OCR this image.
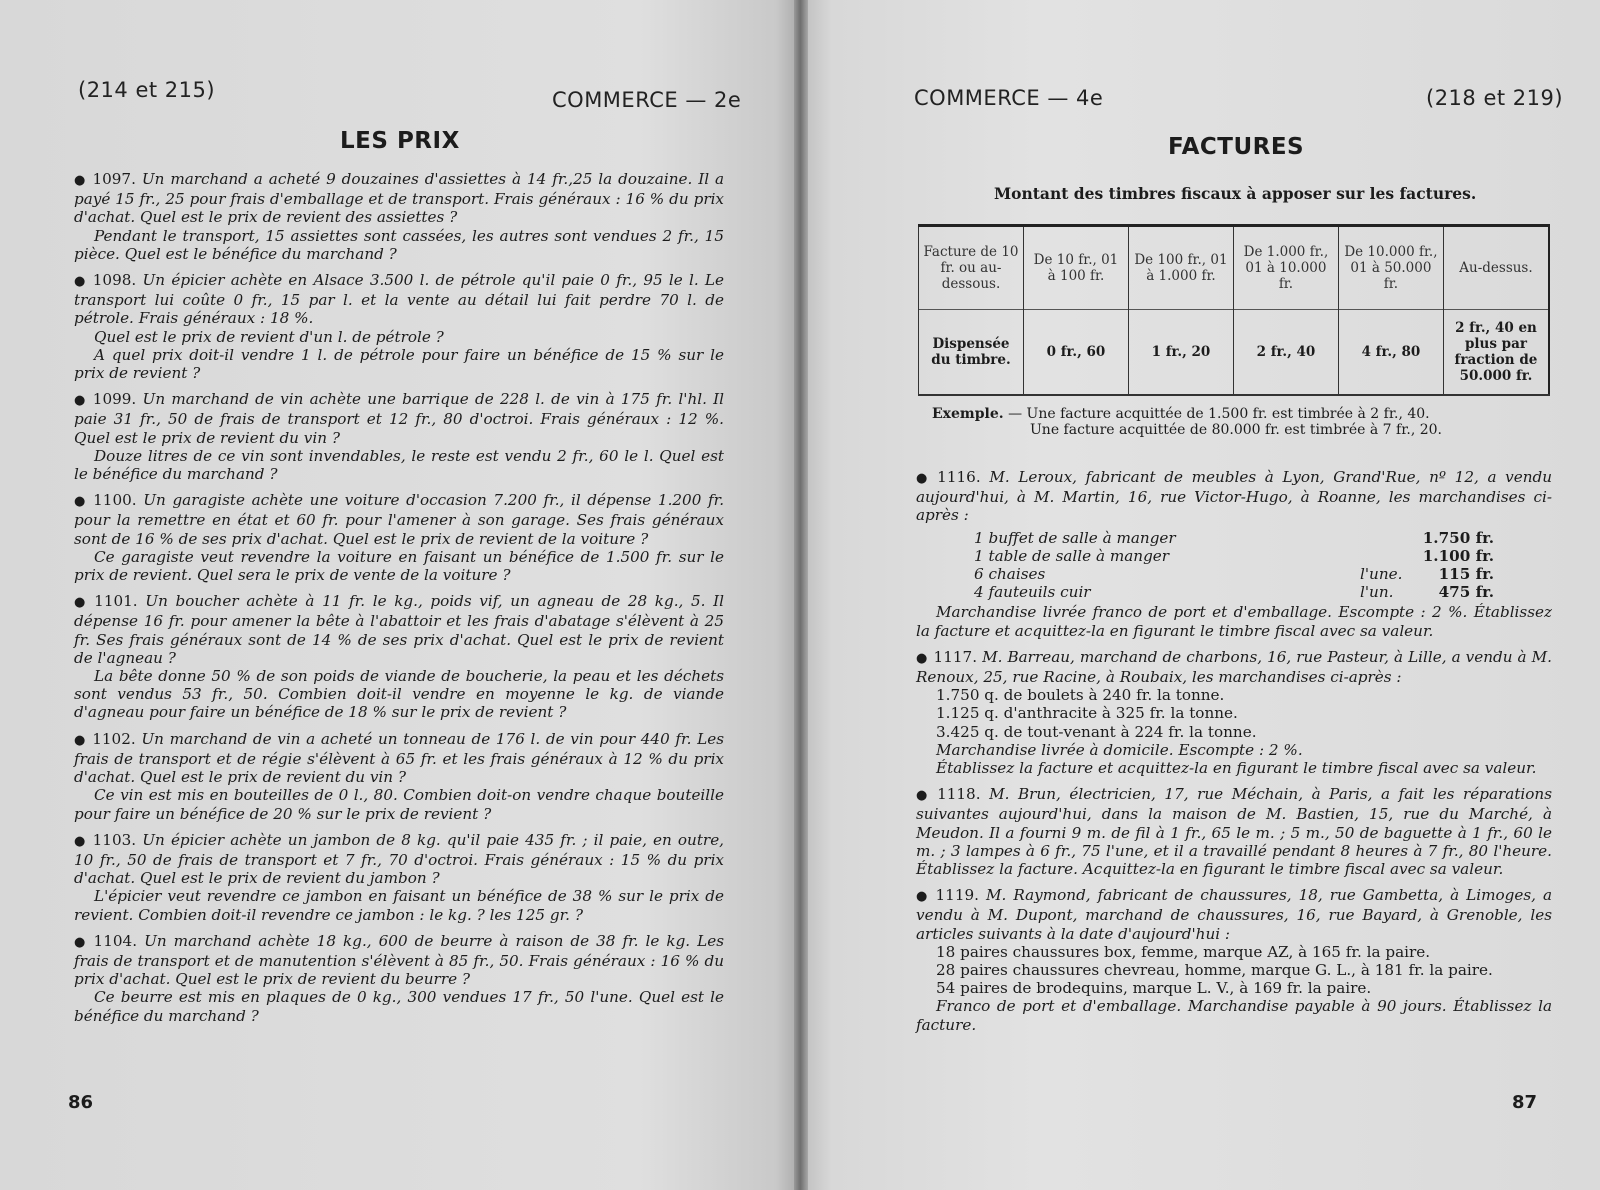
(214 et 215)	COMMERCE — 2e
LES PRIX

● 1097. Un marchand a acheté 9 douzaines d'assiettes à 14 fr.,25 la douzaine. Il a payé 15 fr., 25 pour frais d'emballage et de transport. Frais généraux : 16 % du prix d'achat. Quel est le prix de revient des assiettes ?

Pendant le transport, 15 assiettes sont cassées, les autres sont vendues 2 fr., 15 pièce. Quel est le bénéfice du marchand ?

● 1098. Un épicier achète en Alsace 3.500 l. de pétrole qu'il paie 0 fr., 95 le l. Le transport lui coûte 0 fr., 15 par l. et la vente au détail lui fait perdre 70 l. de pétrole. Frais généraux : 18 %.

Quel est le prix de revient d'un l. de pétrole ?

A quel prix doit-il vendre 1 l. de pétrole pour faire un bénéfice de 15 % sur le prix de revient ?

● 1099. Un marchand de vin achète une barrique de 228 l. de vin à 175 fr. l'hl. Il paie 31 fr., 50 de frais de transport et 12 fr., 80 d'octroi. Frais généraux : 12 %. Quel est le prix de revient du vin ?

Douze litres de ce vin sont invendables, le reste est vendu 2 fr., 60 le l. Quel est le bénéfice du marchand ?

● 1100. Un garagiste achète une voiture d'occasion 7.200 fr., il dépense 1.200 fr. pour la remettre en état et 60 fr. pour l'amener à son garage. Ses frais généraux sont de 16 % de ses prix d'achat. Quel est le prix de revient de la voiture ?

Ce garagiste veut revendre la voiture en faisant un bénéfice de 1.500 fr. sur le prix de revient. Quel sera le prix de vente de la voiture ?

● 1101. Un boucher achète à 11 fr. le kg., poids vif, un agneau de 28 kg., 5. Il dépense 16 fr. pour amener la bête à l'abattoir et les frais d'abatage s'élèvent à 25 fr. Ses frais généraux sont de 14 % de ses prix d'achat. Quel est le prix de revient de l'agneau ?

La bête donne 50 % de son poids de viande de boucherie, la peau et les déchets sont vendus 53 fr., 50. Combien doit-il vendre en moyenne le kg. de viande d'agneau pour faire un bénéfice de 18 % sur le prix de revient ?

● 1102. Un marchand de vin a acheté un tonneau de 176 l. de vin pour 440 fr. Les frais de transport et de régie s'élèvent à 65 fr. et les frais généraux à 12 % du prix d'achat. Quel est le prix de revient du vin ?

Ce vin est mis en bouteilles de 0 l., 80. Combien doit-on vendre chaque bouteille pour faire un bénéfice de 20 % sur le prix de revient ?

● 1103. Un épicier achète un jambon de 8 kg. qu'il paie 435 fr. ; il paie, en outre, 10 fr., 50 de frais de transport et 7 fr., 70 d'octroi. Frais généraux : 15 % du prix d'achat. Quel est le prix de revient du jambon ?

L'épicier veut revendre ce jambon en faisant un bénéfice de 38 % sur le prix de revient. Combien doit-il revendre ce jambon : le kg. ? les 125 gr. ?

● 1104. Un marchand achète 18 kg., 600 de beurre à raison de 38 fr. le kg. Les frais de transport et de manutention s'élèvent à 85 fr., 50. Frais généraux : 16 % du prix d'achat. Quel est le prix de revient du beurre ?

Ce beurre est mis en plaques de 0 kg., 300 vendues 17 fr., 50 l'une. Quel est le bénéfice du marchand ?

86
COMMERCE — 4e	(218 et 219)
FACTURES
Montant des timbres fiscaux à apposer sur les factures.
Facture de 10 fr. ou au-dessous.	De 10 fr., 01 à 100 fr.	De 100 fr., 01 à 1.000 fr.	De 1.000 fr., 01 à 10.000 fr.	De 10.000 fr., 01 à 50.000 fr.	Au-dessus.
Dispensée du timbre.	0 fr., 60	1 fr., 20	2 fr., 40	4 fr., 80	2 fr., 40 en plus par fraction de 50.000 fr.
Exemple. — Une facture acquittée de 1.500 fr. est timbrée à 2 fr., 40.
Une facture acquittée de 80.000 fr. est timbrée à 7 fr., 20.

● 1116. M. Leroux, fabricant de meubles à Lyon, Grand'Rue, nº 12, a vendu aujourd'hui, à M. Martin, 16, rue Victor-Hugo, à Roanne, les marchandises ci-après :

1 buffet de salle à manger	1.750 fr.
1 table de salle à manger	1.100 fr.
6 chaises	l'une.	115 fr.
4 fauteuils cuir	l'un.	475 fr.

Marchandise livrée franco de port et d'emballage. Escompte : 2 %. Établissez la facture et acquittez-la en figurant le timbre fiscal avec sa valeur.

● 1117. M. Barreau, marchand de charbons, 16, rue Pasteur, à Lille, a vendu à M. Renoux, 25, rue Racine, à Roubaix, les marchandises ci-après :

1.750 q. de boulets à 240 fr. la tonne.
1.125 q. d'anthracite à 325 fr. la tonne.
3.425 q. de tout-venant à 224 fr. la tonne.

Marchandise livrée à domicile. Escompte : 2 %.

Établissez la facture et acquittez-la en figurant le timbre fiscal avec sa valeur.

● 1118. M. Brun, électricien, 17, rue Méchain, à Paris, a fait les réparations suivantes aujourd'hui, dans la maison de M. Bastien, 15, rue du Marché, à Meudon. Il a fourni 9 m. de fil à 1 fr., 65 le m. ; 5 m., 50 de baguette à 1 fr., 60 le m. ; 3 lampes à 6 fr., 75 l'une, et il a travaillé pendant 8 heures à 7 fr., 80 l'heure. Établissez la facture. Acquittez-la en figurant le timbre fiscal avec sa valeur.

● 1119. M. Raymond, fabricant de chaussures, 18, rue Gambetta, à Limoges, a vendu à M. Dupont, marchand de chaussures, 16, rue Bayard, à Grenoble, les articles suivants à la date d'aujourd'hui :

18 paires chaussures box, femme, marque AZ, à 165 fr. la paire.
28 paires chaussures chevreau, homme, marque G. L., à 181 fr. la paire.
54 paires de brodequins, marque L. V., à 169 fr. la paire.

Franco de port et d'emballage. Marchandise payable à 90 jours. Établissez la facture.

87
